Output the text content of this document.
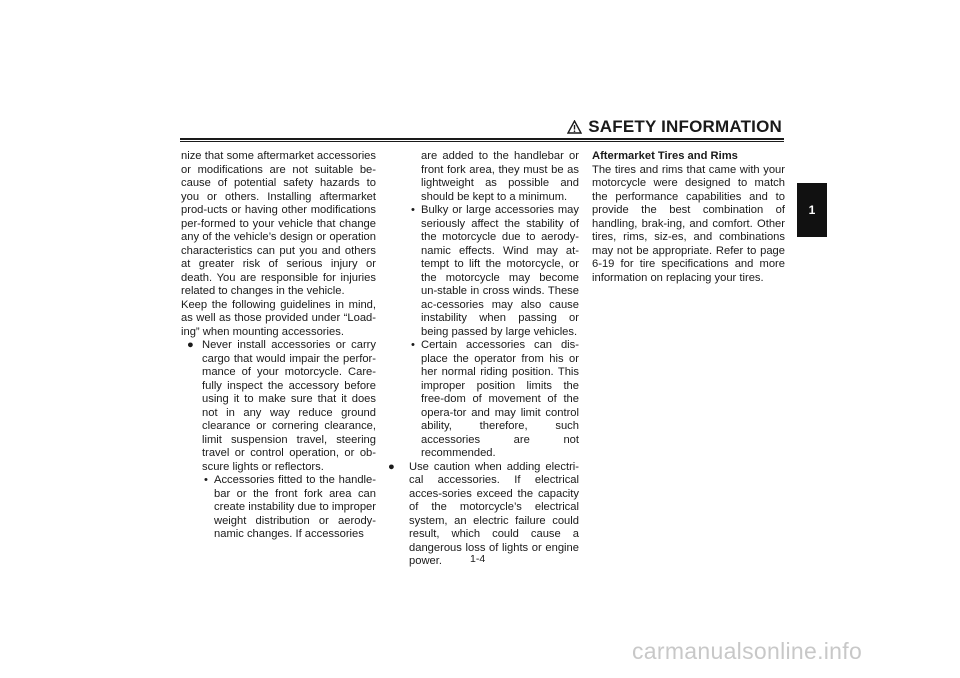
SAFETY INFORMATION
1

nize that some aftermarket accessories or modifications are not suitable be-cause of potential safety hazards to you or others. Installing aftermarket prod-ucts or having other modifications per-formed to your vehicle that change any of the vehicle’s design or operation characteristics can put you and others at greater risk of serious injury or death. You are responsible for injuries related to changes in the vehicle.

Keep the following guidelines in mind, as well as those provided under “Load-ing” when mounting accessories.

● Never install accessories or carry cargo that would impair the perfor-mance of your motorcycle. Care-fully inspect the accessory before using it to make sure that it does not in any way reduce ground clearance or cornering clearance, limit suspension travel, steering travel or control operation, or ob-scure lights or reflectors.

• Accessories fitted to the handle-bar or the front fork area can create instability due to improper weight distribution or aerody-namic changes. If accessories

are added to the handlebar or front fork area, they must be as lightweight as possible and should be kept to a minimum.

• Bulky or large accessories may seriously affect the stability of the motorcycle due to aerody-namic effects. Wind may at-tempt to lift the motorcycle, or the motorcycle may become un-stable in cross winds. These ac-cessories may also cause instability when passing or being passed by large vehicles.

• Certain accessories can dis-place the operator from his or her normal riding position. This improper position limits the free-dom of movement of the opera-tor and may limit control ability, therefore, such accessories are not recommended.

● Use caution when adding electri-cal accessories. If electrical acces-sories exceed the capacity of the motorcycle’s electrical system, an electric failure could result, which could cause a dangerous loss of lights or engine power.

Aftermarket Tires and Rims

The tires and rims that came with your motorcycle were designed to match the performance capabilities and to provide the best combination of handling, brak-ing, and comfort. Other tires, rims, siz-es, and combinations may not be appropriate. Refer to page 6-19 for tire specifications and more information on replacing your tires.

1-4
carmanualsonline.info
